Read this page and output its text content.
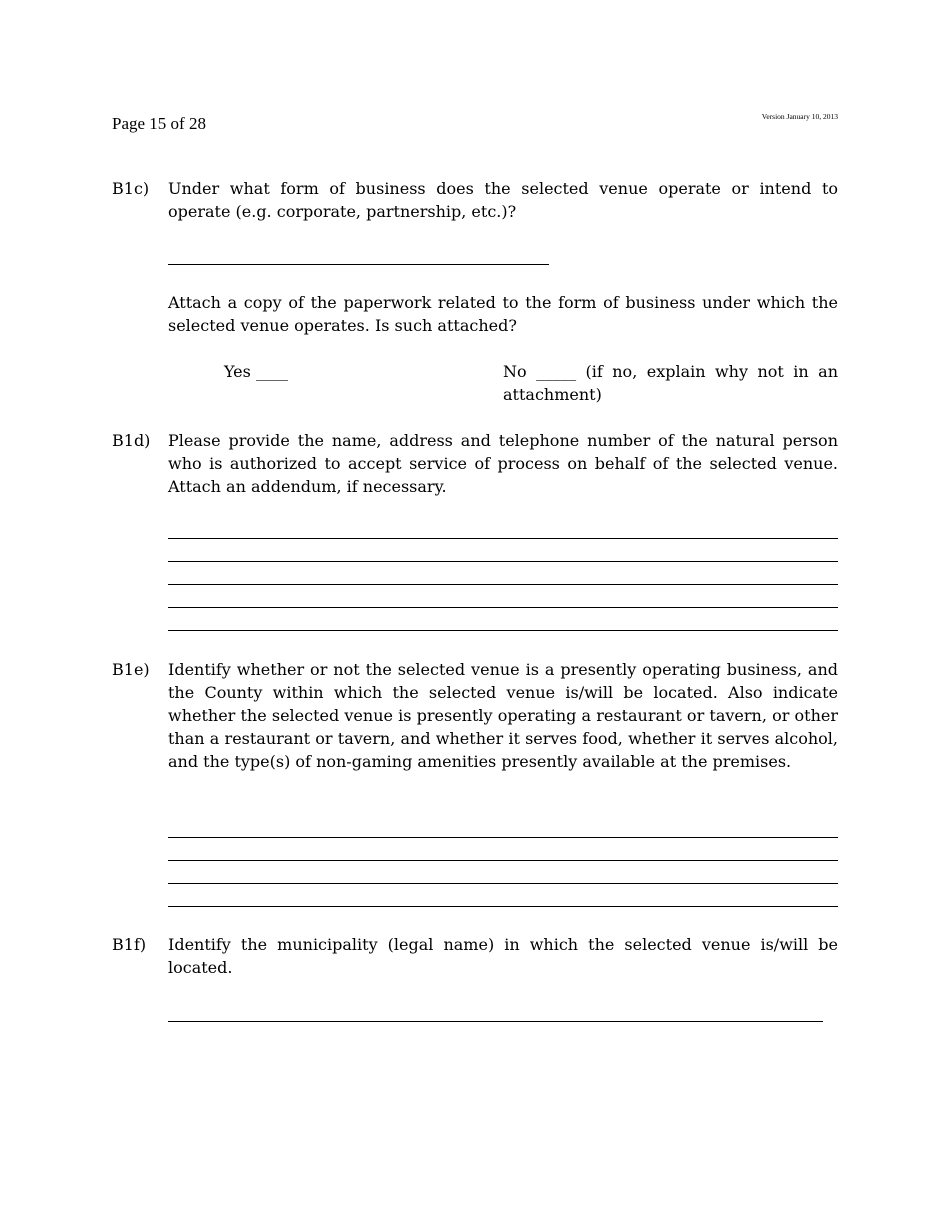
Page 15 of 28	Version January 10, 2013
B1c) Under what form of business does the selected venue operate or intend to operate (e.g. corporate, partnership, etc.)?
Attach a copy of the paperwork related to the form of business under which the selected venue operates. Is such attached?
Yes ____	No _____ (if no, explain why not in an attachment)
B1d) Please provide the name, address and telephone number of the natural person who is authorized to accept service of process on behalf of the selected venue. Attach an addendum, if necessary.
B1e) Identify whether or not the selected venue is a presently operating business, and the County within which the selected venue is/will be located. Also indicate whether the selected venue is presently operating a restaurant or tavern, or other than a restaurant or tavern, and whether it serves food, whether it serves alcohol, and the type(s) of non-gaming amenities presently available at the premises.
B1f) Identify the municipality (legal name) in which the selected venue is/will be located.
